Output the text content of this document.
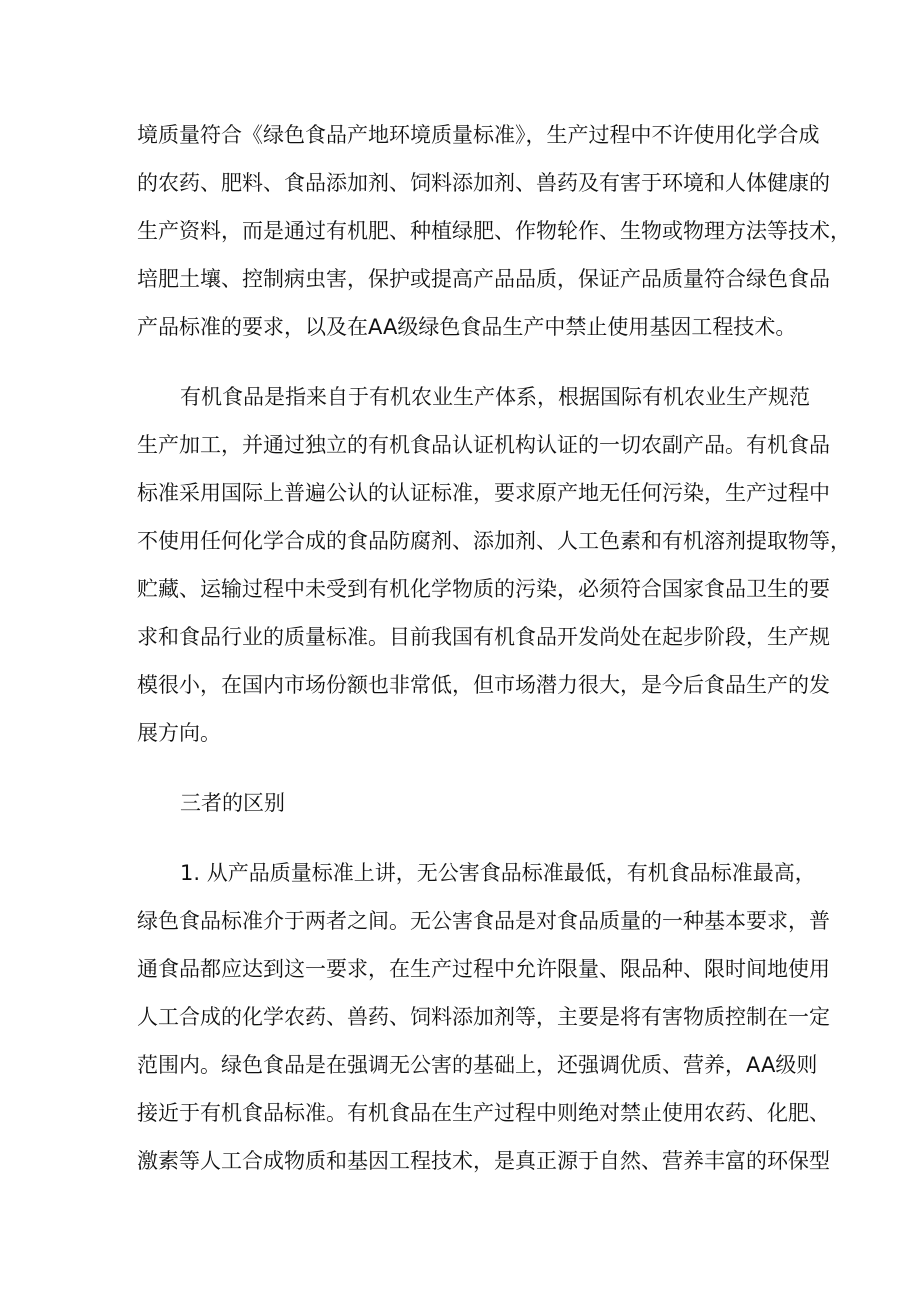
境质量符合《绿色食品产地环境质量标准》，生产过程中不许使用化学合成
的农药、肥料、食品添加剂、饲料添加剂、兽药及有害于环境和人体健康的
生产资料，而是通过有机肥、种植绿肥、作物轮作、生物或物理方法等技术，
培肥土壤、控制病虫害，保护或提高产品品质，保证产品质量符合绿色食品
产品标准的要求，以及在AA级绿色食品生产中禁止使用基因工程技术。
有机食品是指来自于有机农业生产体系，根据国际有机农业生产规范
生产加工，并通过独立的有机食品认证机构认证的一切农副产品。有机食品
标准采用国际上普遍公认的认证标准，要求原产地无任何污染，生产过程中
不使用任何化学合成的食品防腐剂、添加剂、人工色素和有机溶剂提取物等，
贮藏、运输过程中未受到有机化学物质的污染，必须符合国家食品卫生的要
求和食品行业的质量标准。目前我国有机食品开发尚处在起步阶段，生产规
模很小，在国内市场份额也非常低，但市场潜力很大，是今后食品生产的发
展方向。
三者的区别
1. 从产品质量标准上讲，无公害食品标准最低，有机食品标准最高，
绿色食品标准介于两者之间。无公害食品是对食品质量的一种基本要求，普
通食品都应达到这一要求，在生产过程中允许限量、限品种、限时间地使用
人工合成的化学农药、兽药、饲料添加剂等，主要是将有害物质控制在一定
范围内。绿色食品是在强调无公害的基础上，还强调优质、营养，AA级则
接近于有机食品标准。有机食品在生产过程中则绝对禁止使用农药、化肥、
激素等人工合成物质和基因工程技术，是真正源于自然、营养丰富的环保型
